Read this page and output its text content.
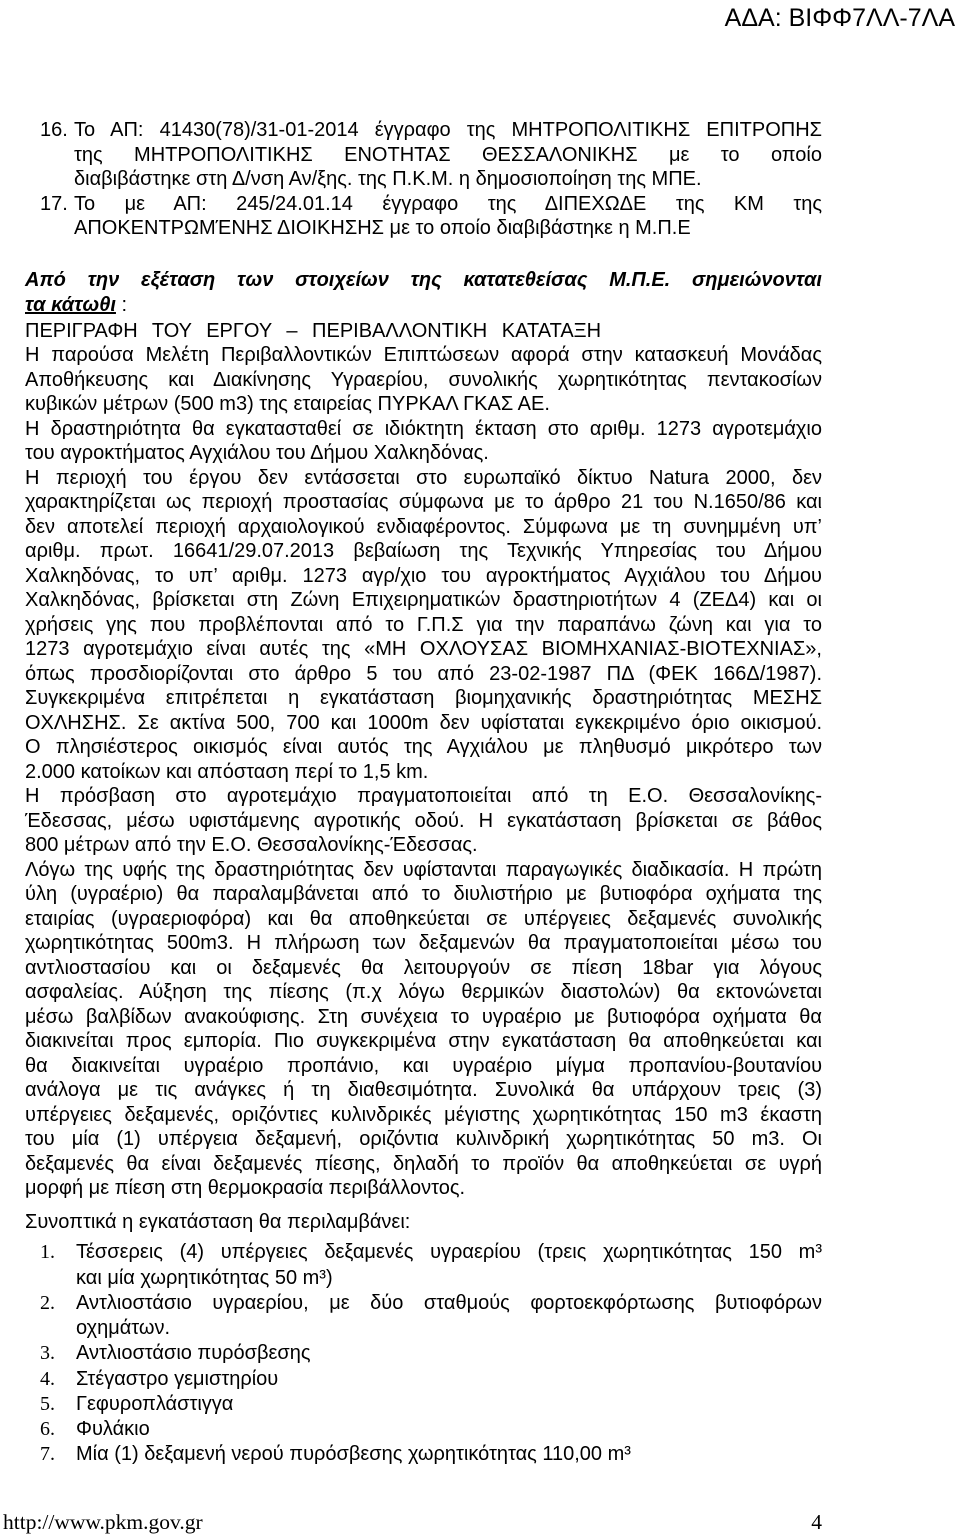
ΑΔΑ: ΒΙΦΦ7ΛΛ-7ΛΑ
16. Το ΑΠ: 41430(78)/31-01-2014 έγγραφο της ΜΗΤΡΟΠΟΛΙΤΙΚΗΣ ΕΠΙΤΡΟΠΗΣ
της ΜΗΤΡΟΠΟΛΙΤΙΚΗΣ ΕΝΟΤΗΤΑΣ ΘΕΣΣΑΛΟΝΙΚΗΣ με το οποίο
διαβιβάστηκε στη Δ/νση Αν/ξης. της Π.Κ.Μ. η δημοσιοποίηση της ΜΠΕ.
17. Το με ΑΠ: 245/24.01.14 έγγραφο της ΔΙΠΕΧΩΔΕ της ΚΜ της
ΑΠΟΚΕΝΤΡΩΜΈΝΗΣ ΔΙΟΙΚΗΣΗΣ με το οποίο διαβιβάστηκε η Μ.Π.Ε
Από την εξέταση των στοιχείων της κατατεθείσας Μ.Π.Ε. σημειώνονται
τα κάτωθι :
ΠΕΡΙΓΡΑΦΗ ΤΟΥ ΕΡΓΟΥ – ΠΕΡΙΒΑΛΛΟΝΤΙΚΗ ΚΑΤΑΤΑΞΗ
Η παρούσα Μελέτη Περιβαλλοντικών Επιπτώσεων αφορά στην κατασκευή Μονάδας
Αποθήκευσης και Διακίνησης Υγραερίου, συνολικής χωρητικότητας πεντακοσίων
κυβικών μέτρων (500 m3) της εταιρείας ΠΥΡΚΑΛ ΓΚΑΣ ΑΕ.
Η δραστηριότητα θα εγκατασταθεί σε ιδιόκτητη έκταση στο αριθμ. 1273 αγροτεμάχιο
του αγροκτήματος Αγχιάλου του Δήμου Χαλκηδόνας.
Η περιοχή του έργου δεν εντάσσεται στο ευρωπαϊκό δίκτυο Natura 2000, δεν
χαρακτηρίζεται ως περιοχή προστασίας σύμφωνα με το άρθρο 21 του Ν.1650/86 και
δεν αποτελεί περιοχή αρχαιολογικού ενδιαφέροντος. Σύμφωνα με τη συνημμένη υπ’
αριθμ. πρωτ. 16641/29.07.2013 βεβαίωση της Τεχνικής Υπηρεσίας του Δήμου
Χαλκηδόνας, το υπ’ αριθμ. 1273 αγρ/χιο του αγροκτήματος Αγχιάλου του Δήμου
Χαλκηδόνας, βρίσκεται στη Ζώνη Επιχειρηματικών δραστηριοτήτων 4 (ΖΕΔ4) και οι
χρήσεις γης που προβλέπονται από το Γ.Π.Σ για την παραπάνω ζώνη και για το
1273 αγροτεμάχιο είναι αυτές της «ΜΗ ΟΧΛΟΥΣΑΣ ΒΙΟΜΗΧΑΝΙΑΣ-ΒΙΟΤΕΧΝΙΑΣ»,
όπως προσδιορίζονται στο άρθρο 5 του από 23-02-1987 ΠΔ (ΦΕΚ 166Δ/1987).
Συγκεκριμένα επιτρέπεται η εγκατάσταση βιομηχανικής δραστηριότητας ΜΕΣΗΣ
ΟΧΛΗΣΗΣ. Σε ακτίνα 500, 700 και 1000m δεν υφίσταται εγκεκριμένο όριο οικισμού.
Ο πλησιέστερος οικισμός είναι αυτός της Αγχιάλου με πληθυσμό μικρότερο των
2.000 κατοίκων και απόσταση περί το 1,5 km.
Η πρόσβαση στο αγροτεμάχιο πραγματοποιείται από τη Ε.Ο. Θεσσαλονίκης-
Έδεσσας, μέσω υφιστάμενης αγροτικής οδού. Η εγκατάσταση βρίσκεται σε βάθος
800 μέτρων από την Ε.Ο. Θεσσαλονίκης-Έδεσσας.
Λόγω της υφής της δραστηριότητας δεν υφίστανται παραγωγικές διαδικασία. Η πρώτη
ύλη (υγραέριο) θα παραλαμβάνεται από το διυλιστήριο με βυτιοφόρα οχήματα της
εταιρίας (υγραεριοφόρα) και θα αποθηκεύεται σε υπέργειες δεξαμενές συνολικής
χωρητικότητας 500m3. Η πλήρωση των δεξαμενών θα πραγματοποιείται μέσω του
αντλιοστασίου και οι δεξαμενές θα λειτουργούν σε πίεση 18bar για λόγους
ασφαλείας. Αύξηση της πίεσης (π.χ λόγω θερμικών διαστολών) θα εκτονώνεται
μέσω βαλβίδων ανακούφισης. Στη συνέχεια το υγραέριο με βυτιοφόρα οχήματα θα
διακινείται προς εμπορία. Πιο συγκεκριμένα στην εγκατάσταση θα αποθηκεύεται και
θα διακινείται υγραέριο προπάνιο, και υγραέριο μίγμα προπανίου-βουτανίου
ανάλογα με τις ανάγκες ή τη διαθεσιμότητα. Συνολικά θα υπάρχουν τρεις (3)
υπέργειες δεξαμενές, οριζόντιες κυλινδρικές μέγιστης χωρητικότητας 150 m3 έκαστη
του μία (1) υπέργεια δεξαμενή, οριζόντια κυλινδρική χωρητικότητας 50 m3. Οι
δεξαμενές θα είναι δεξαμενές πίεσης, δηλαδή το προϊόν θα αποθηκεύεται σε υγρή
μορφή με πίεση στη θερμοκρασία περιβάλλοντος.
Συνοπτικά η εγκατάσταση θα περιλαμβάνει:
1. Τέσσερεις (4) υπέργειες δεξαμενές υγραερίου (τρεις χωρητικότητας 150 m³
και μία χωρητικότητας 50 m³)
2. Αντλιοστάσιο υγραερίου, με δύο σταθμούς φορτοεκφόρτωσης βυτιοφόρων
οχημάτων.
3. Αντλιοστάσιο πυρόσβεσης
4. Στέγαστρο γεμιστηρίου
5. Γεφυροπλάστιγγα
6. Φυλάκιο
7. Μία (1) δεξαμενή νερού πυρόσβεσης χωρητικότητας 110,00 m³
http://www.pkm.gov.gr	4
